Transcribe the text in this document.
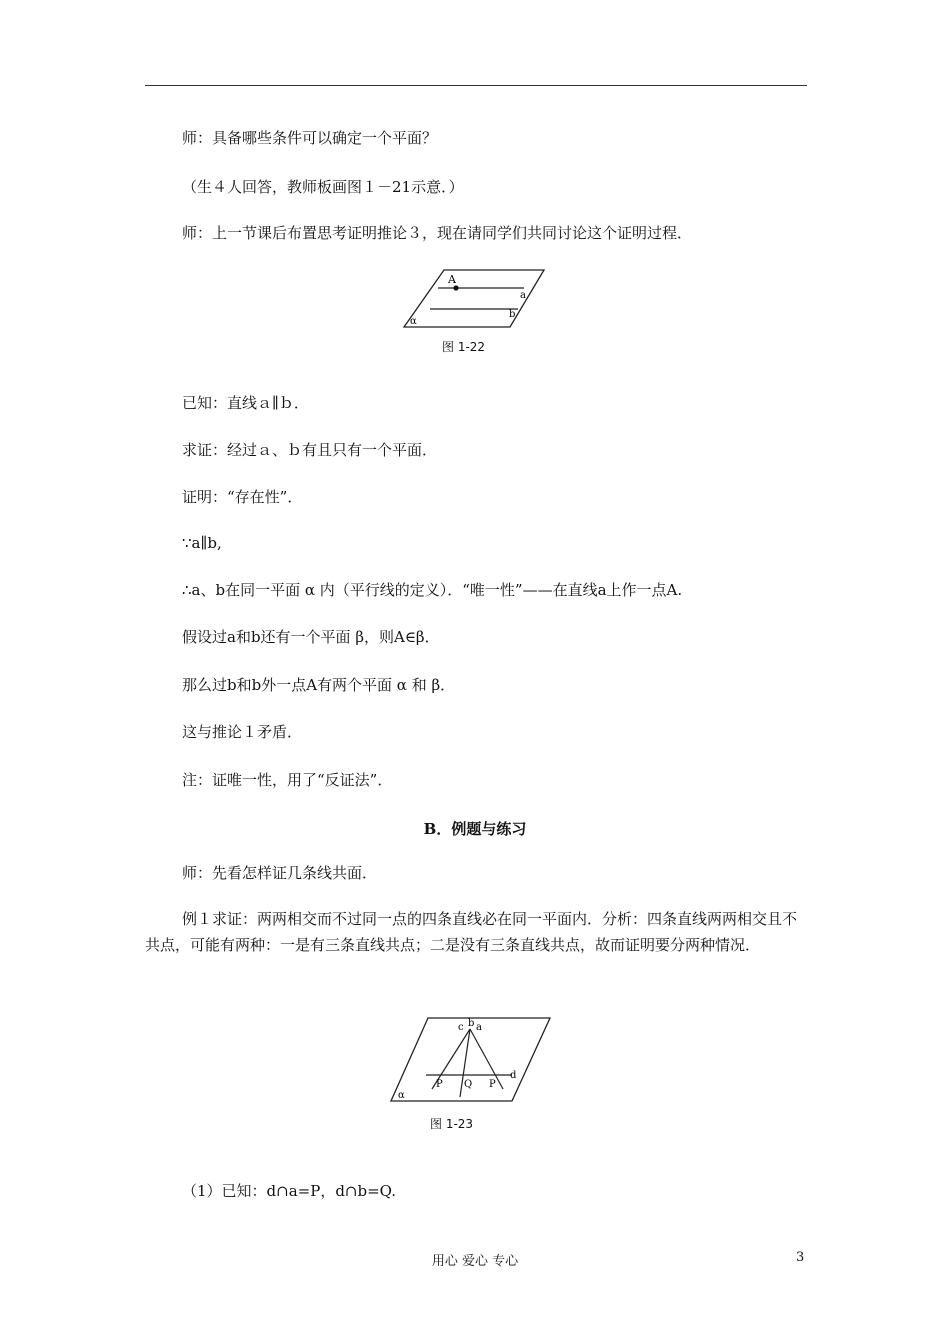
师：具备哪些条件可以确定一个平面？
（生４人回答，教师板画图１－21示意．）
师：上一节课后布置思考证明推论３，现在请同学们共同讨论这个证明过程．
A
a
b
α
图 1-22
已知：直线ａ∥ｂ．
求证：经过ａ、ｂ有且只有一个平面．
证明：“存在性”．
∵a∥b,
∴a、b在同一平面 α 内（平行线的定义）．“唯一性”——在直线a上作一点A.
假设过a和b还有一个平面 β，则A∈β．
那么过b和b外一点A有两个平面 α 和 β．
这与推论１矛盾．
注：证唯一性，用了“反证法”．
B．例题与练习
师：先看怎样证几条线共面．
例１求证：两两相交而不过同一点的四条直线必在同一平面内．分析：四条直线两两相交且不共点，可能有两种：一是有三条直线共点；二是没有三条直线共点，故而证明要分两种情况．
c b a
P Q P
d
α
图 1-23
（1）已知：d∩a=P，d∩b=Q.
用心 爱心 专心	3
